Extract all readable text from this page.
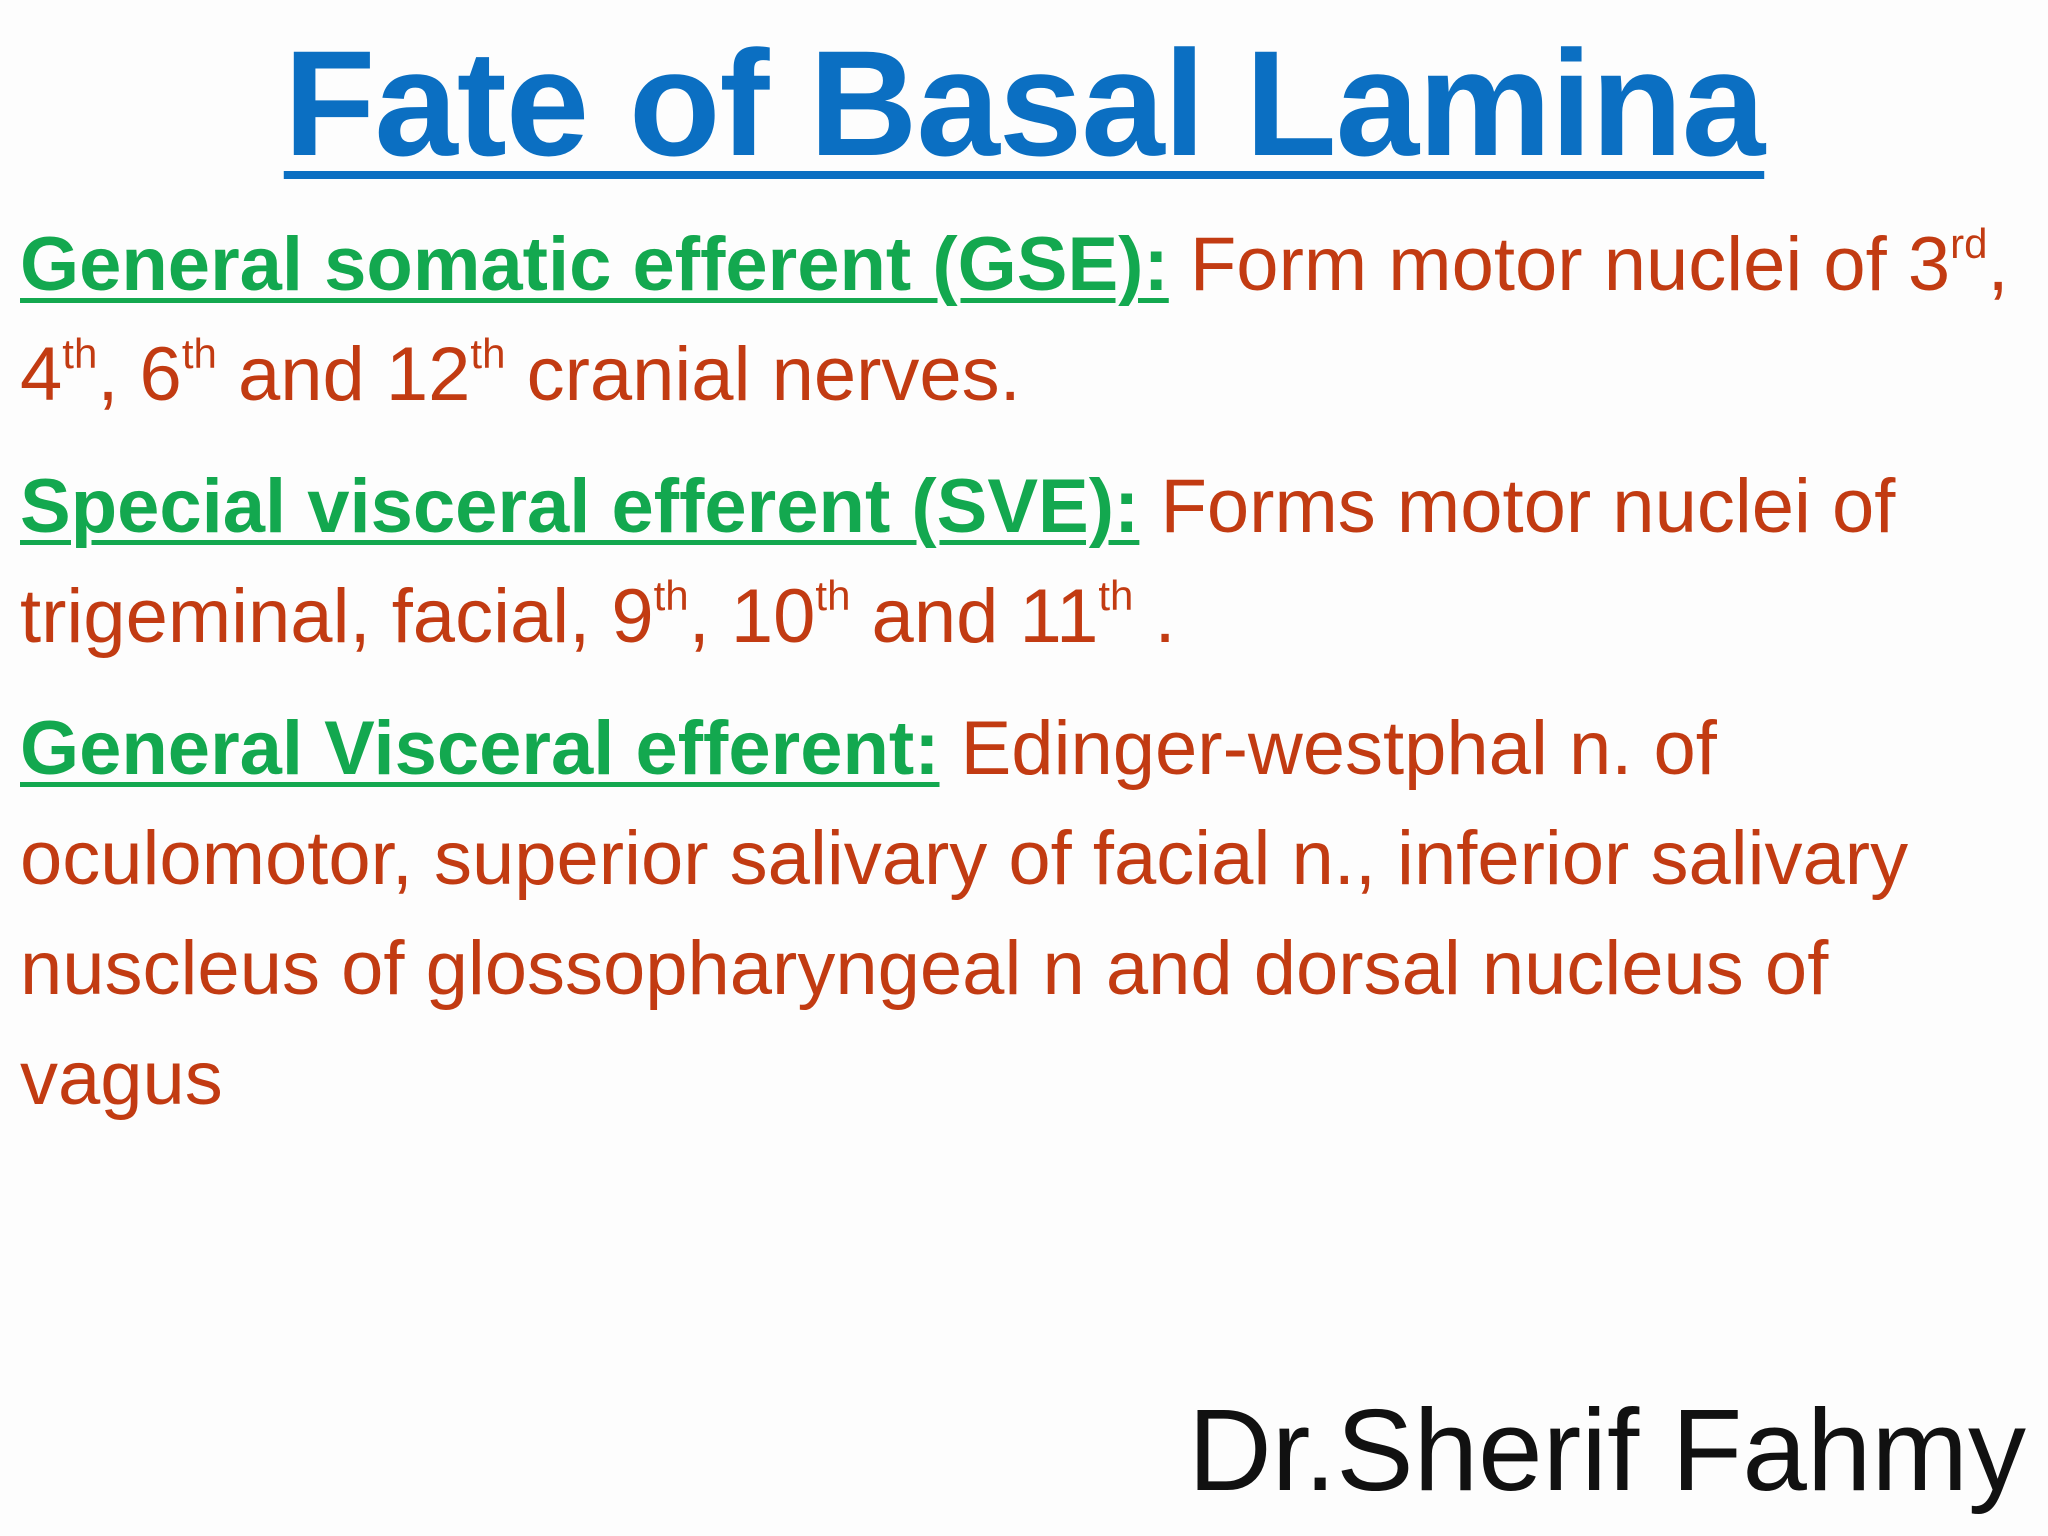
Fate of Basal Lamina

General somatic efferent (GSE): Form motor nuclei of 3rd, 4th, 6th and 12th cranial nerves.

Special visceral efferent (SVE): Forms motor nuclei of trigeminal, facial, 9th, 10th and 11th .

General Visceral efferent: Edinger-westphal n. of oculomotor, superior salivary of facial n., inferior salivary nuscleus of glossopharyngeal n and dorsal nucleus of vagus

Dr.Sherif Fahmy
